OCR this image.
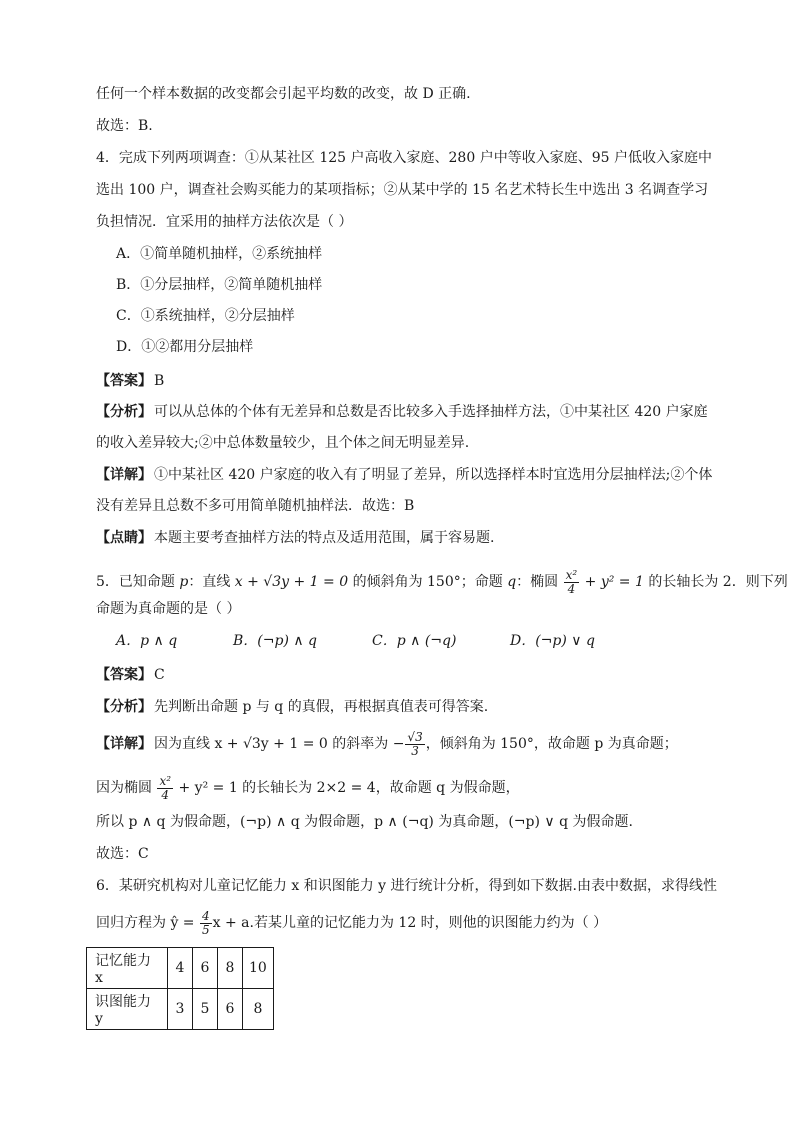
任何一个样本数据的改变都会引起平均数的改变，故 D 正确.
故选：B.
4．完成下列两项调查：①从某社区 125 户高收入家庭、280 户中等收入家庭、95 户低收入家庭中
选出 100 户，调查社会购买能力的某项指标；②从某中学的 15 名艺术特长生中选出 3 名调查学习
负担情况．宜采用的抽样方法依次是（ ）
A．①简单随机抽样，②系统抽样
B．①分层抽样，②简单随机抽样
C．①系统抽样，②分层抽样
D．①②都用分层抽样
【答案】 B
【分析】 可以从总体的个体有无差异和总数是否比较多入手选择抽样方法，①中某社区 420 户家庭
的收入差异较大;②中总体数量较少，且个体之间无明显差异.
【详解】 ①中某社区 420 户家庭的收入有了明显了差异，所以选择样本时宜选用分层抽样法;②个体
没有差异且总数不多可用简单随机抽样法．故选：B
【点睛】 本题主要考查抽样方法的特点及适用范围，属于容易题.
5．已知命题 p：直线 x + √3y + 1 = 0 的倾斜角为 150°；命题 q：椭圆 $\frac{\text{x²}}{4} + y^2 = 1$ 的长轴长为 2．则下列
命题为真命题的是（ ）
A．p ∧ q	B．(¬p) ∧ q	C．p ∧ (¬q)	D．(¬p) ∨ q
【答案】 C
【分析】 先判断出命题 p 与 q 的真假，再根据真值表可得答案.
【详解】 因为直线 x + √3y + 1 = 0 的斜率为 − $\frac{√3}{3}$ ，倾斜角为 150°，故命题 p 为真命题；
因为椭圆 $\frac{\text{x²}}{4} + y^2 = 1$ 的长轴长为 2×2 = 4，故命题 q 为假命题，
所以 p ∧ q 为假命题，(¬p) ∧ q 为假命题，p ∧ (¬q) 为真命题，(¬p) ∨ q 为假命题.
故选：C
6．某研究机构对儿童记忆能力 x 和识图能力 y 进行统计分析，得到如下数据.由表中数据，求得线性
回归方程为 ŷ = $\frac{4}{5}$ x + a.若某儿童的记忆能力为 12 时，则他的识图能力约为（ ）
记忆能力 x	4	6	8	10
识图能力 y	3	5	6	8
